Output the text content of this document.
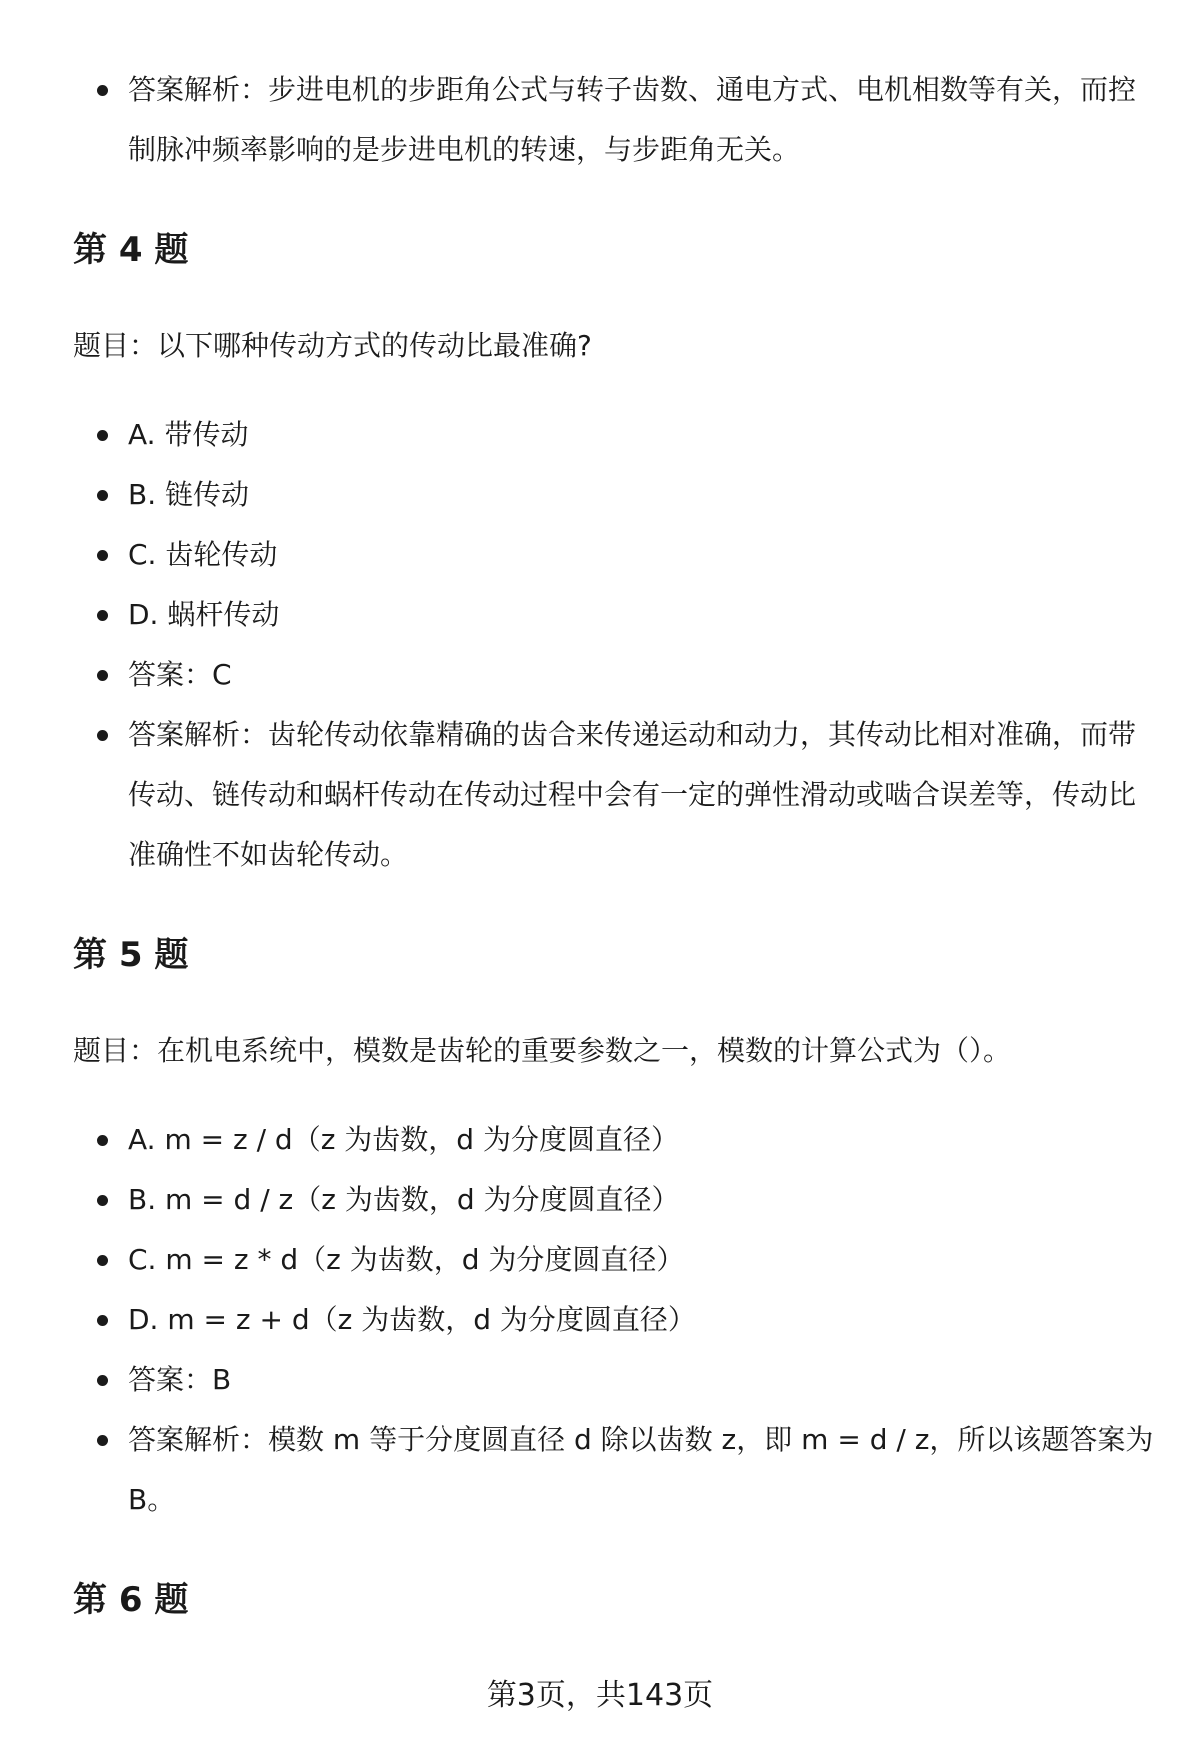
答案解析：步进电机的步距角公式与转子齿数、通电方式、电机相数等有关，而控制脉冲频率影响的是步进电机的转速，与步距角无关。
第 4 题
题目：以下哪种传动方式的传动比最准确?
A. 带传动
B. 链传动
C. 齿轮传动
D. 蜗杆传动
答案：C
答案解析：齿轮传动依靠精确的齿合来传递运动和动力，其传动比相对准确，而带传动、链传动和蜗杆传动在传动过程中会有一定的弹性滑动或啮合误差等，传动比准确性不如齿轮传动。
第 5 题
题目：在机电系统中，模数是齿轮的重要参数之一，模数的计算公式为（）。
A. m = z / d（z 为齿数，d 为分度圆直径）
B. m = d / z（z 为齿数，d 为分度圆直径）
C. m = z * d（z 为齿数，d 为分度圆直径）
D. m = z + d（z 为齿数，d 为分度圆直径）
答案：B
答案解析：模数 m 等于分度圆直径 d 除以齿数 z，即 m = d / z，所以该题答案为 B。
第 6 题
第3页，共143页
